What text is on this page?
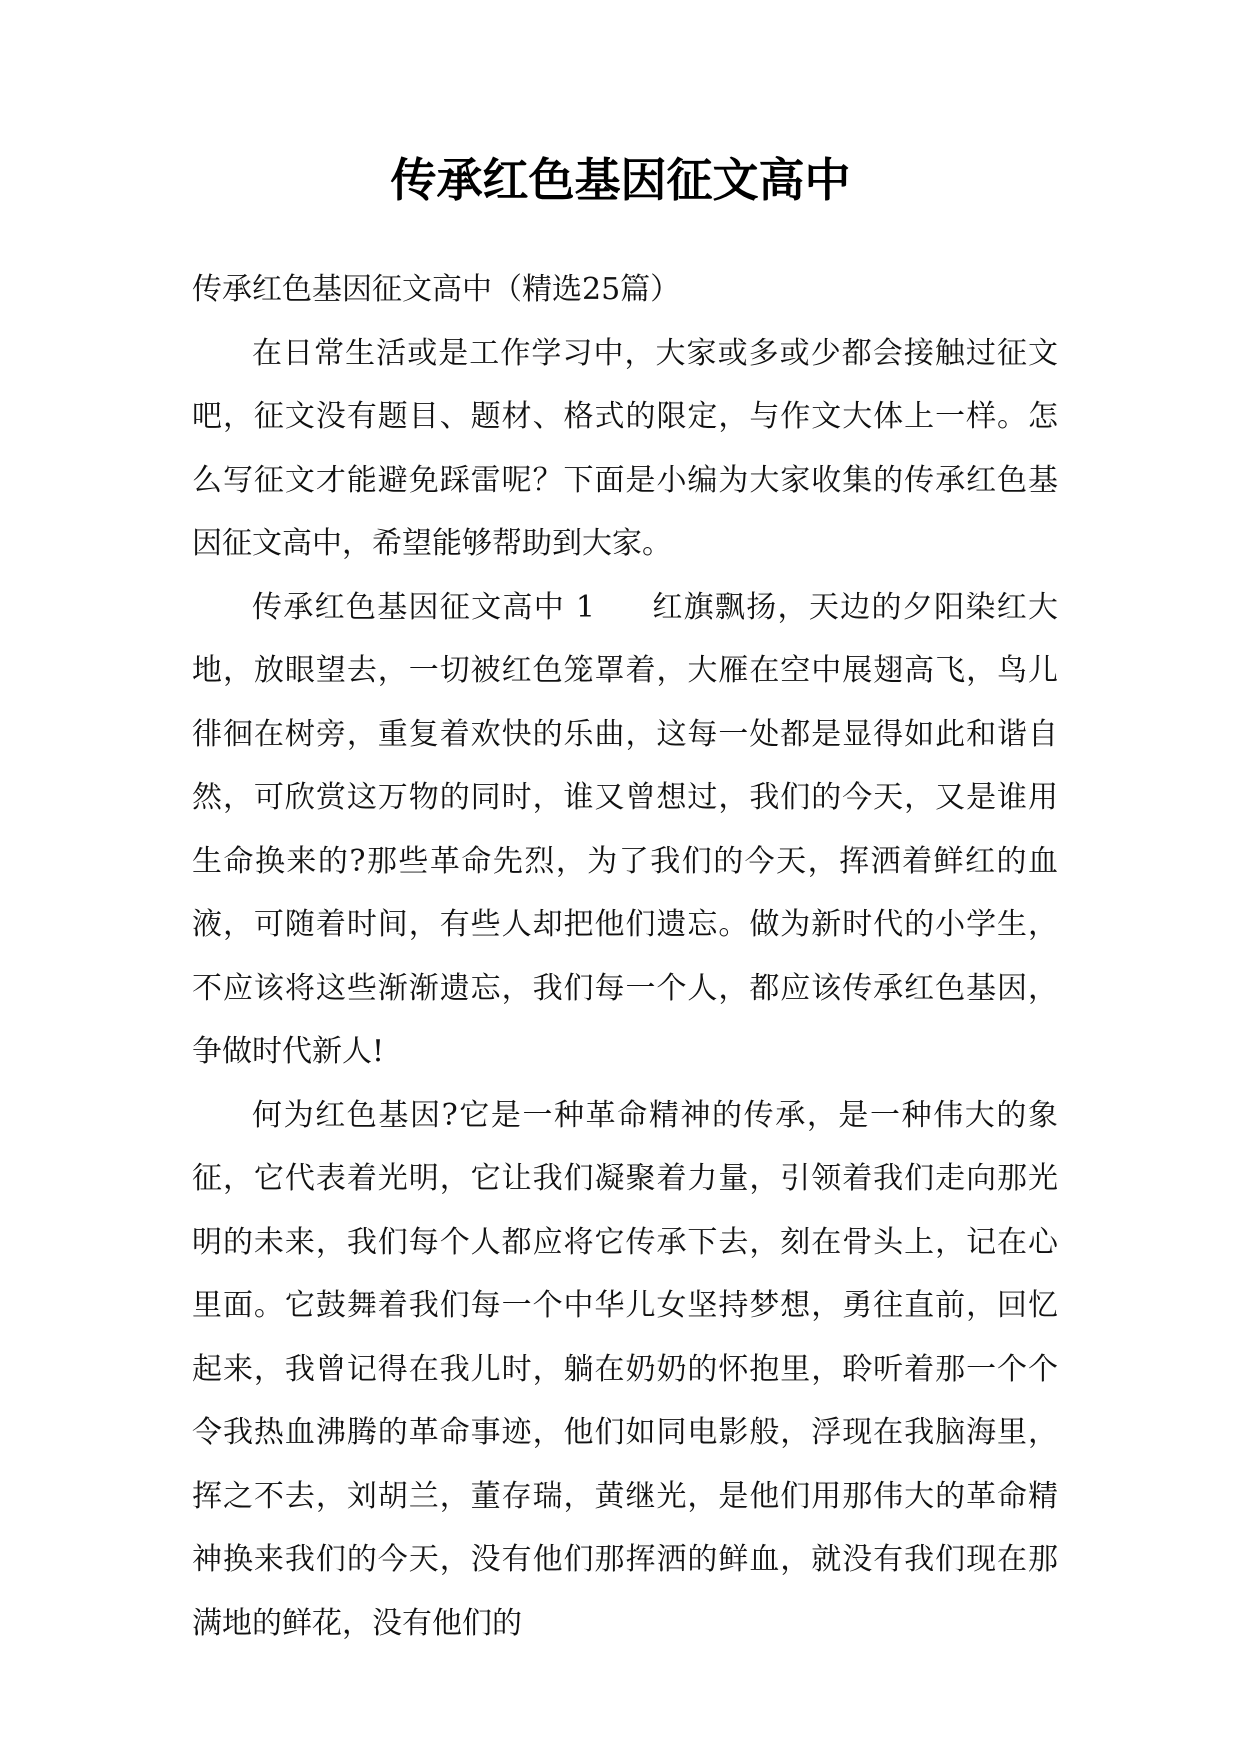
传承红色基因征文高中

传承红色基因征文高中（精选25篇）

在日常生活或是工作学习中，大家或多或少都会接触过征文吧，征文没有题目、题材、格式的限定，与作文大体上一样。怎么写征文才能避免踩雷呢？下面是小编为大家收集的传承红色基因征文高中，希望能够帮助到大家。

传承红色基因征文高中 1 红旗飘扬，天边的夕阳染红大地，放眼望去，一切被红色笼罩着，大雁在空中展翅高飞，鸟儿徘徊在树旁，重复着欢快的乐曲，这每一处都是显得如此和谐自然，可欣赏这万物的同时，谁又曾想过，我们的今天，又是谁用生命换来的?那些革命先烈，为了我们的今天，挥洒着鲜红的血液，可随着时间，有些人却把他们遗忘。做为新时代的小学生，不应该将这些渐渐遗忘，我们每一个人，都应该传承红色基因，争做时代新人!

何为红色基因?它是一种革命精神的传承，是一种伟大的象征，它代表着光明，它让我们凝聚着力量，引领着我们走向那光明的未来，我们每个人都应将它传承下去，刻在骨头上，记在心里面。它鼓舞着我们每一个中华儿女坚持梦想，勇往直前，回忆起来，我曾记得在我儿时，躺在奶奶的怀抱里，聆听着那一个个令我热血沸腾的革命事迹，他们如同电影般，浮现在我脑海里，挥之不去，刘胡兰，董存瑞，黄继光，是他们用那伟大的革命精神换来我们的今天，没有他们那挥洒的鲜血，就没有我们现在那满地的鲜花，没有他们的
